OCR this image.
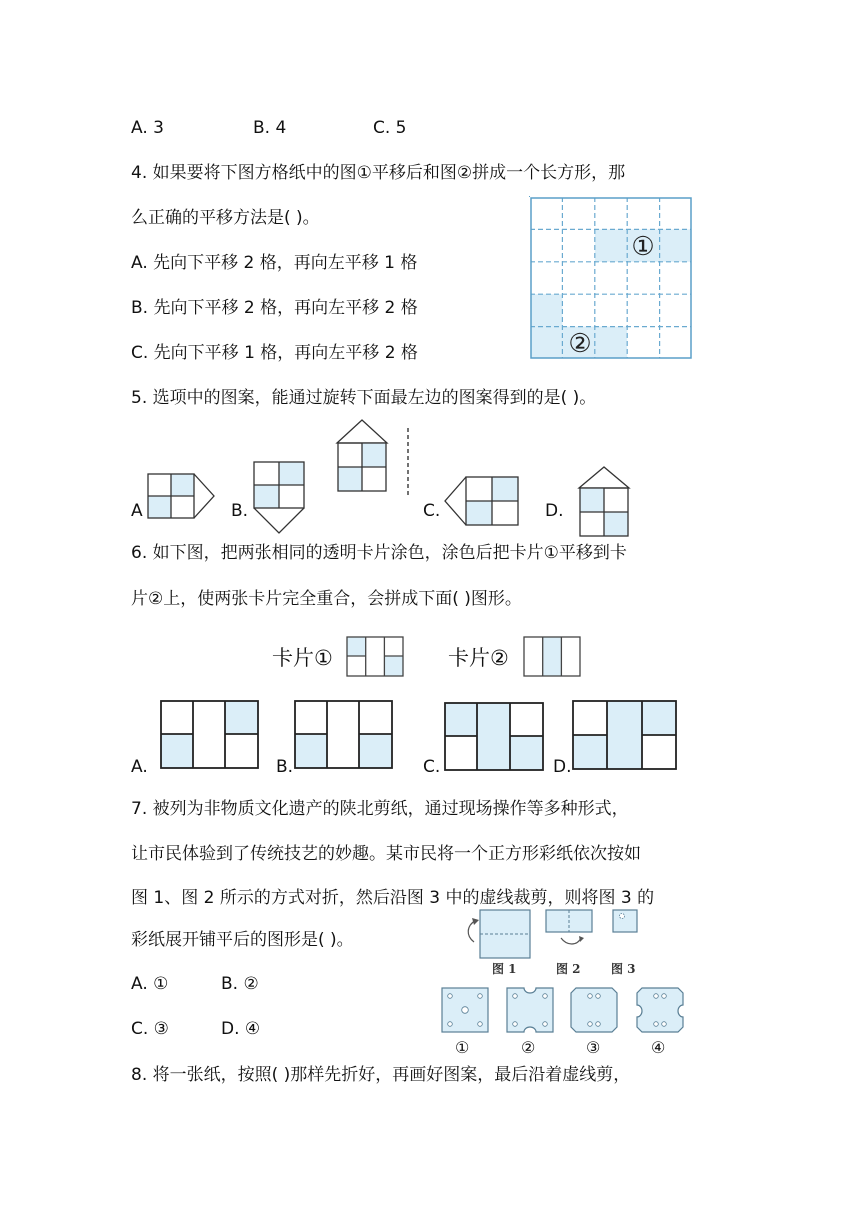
A. 3	B. 4	C. 5
4. 如果要将下图方格纸中的图①平移后和图②拼成一个长方形，那
么正确的平移方法是( )。
A. 先向下平移 2 格，再向左平移 1 格
B. 先向下平移 2 格，再向左平移 2 格
C. 先向下平移 1 格，再向左平移 2 格
①
②
5. 选项中的图案，能通过旋转下面最左边的图案得到的是( )。
A	B.	C.	D.
6. 如下图，把两张相同的透明卡片涂色，涂色后把卡片①平移到卡
片②上，使两张卡片完全重合，会拼成下面( )图形。
卡片①	卡片②
A.	B.	C.	D.
7. 被列为非物质文化遗产的陕北剪纸，通过现场操作等多种形式，
让市民体验到了传统技艺的妙趣。某市民将一个正方形彩纸依次按如
图 1、图 2 所示的方式对折，然后沿图 3 中的虚线裁剪，则将图 3 的
彩纸展开铺平后的图形是( )。
A. ①	B. ②
C. ③	D. ④
图 1	图 2	图 3
①	②	③	④
8. 将一张纸，按照( )那样先折好，再画好图案，最后沿着虚线剪，
